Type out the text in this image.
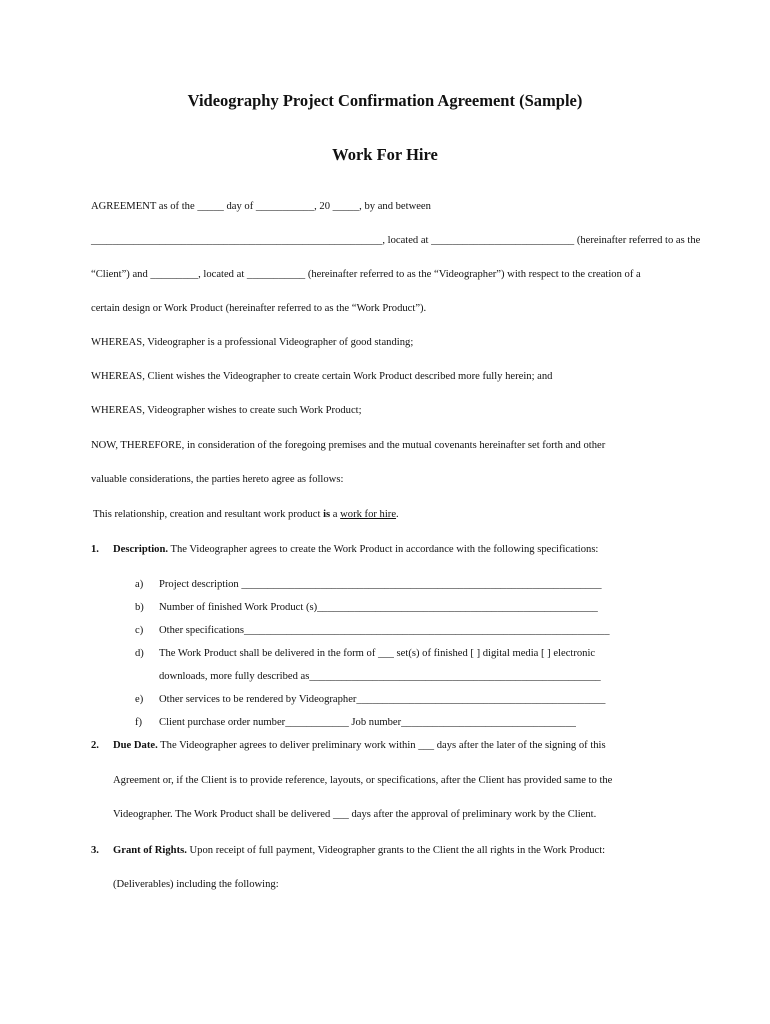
Videography Project Confirmation Agreement (Sample)
Work For Hire
AGREEMENT as of the _____ day of ___________, 20 _____, by and between
_______________________________________________________, located at ___________________________ (hereinafter referred to as the
“Client”) and _________, located at ___________ (hereinafter referred to as the “Videographer”) with respect to the creation of a
certain design or Work Product (hereinafter referred to as the “Work Product”).
WHEREAS, Videographer is a professional Videographer of good standing;
WHEREAS, Client wishes the Videographer to create certain Work Product described more fully herein; and
WHEREAS, Videographer wishes to create such Work Product;
NOW, THEREFORE, in consideration of the foregoing premises and the mutual covenants hereinafter set forth and other
valuable considerations, the parties hereto agree as follows:
This relationship, creation and resultant work product is a work for hire.
1. Description. The Videographer agrees to create the Work Product in accordance with the following specifications:
a) Project description ____________________________________________________________________
b) Number of finished Work Product (s)_____________________________________________________
c) Other specifications_____________________________________________________________________
d) The Work Product shall be delivered in the form of ___ set(s) of finished [ ] digital media [ ] electronic
downloads, more fully described as_______________________________________________________
e) Other services to be rendered by Videographer_______________________________________________
f) Client purchase order number____________ Job number_________________________________
2. Due Date. The Videographer agrees to deliver preliminary work within ___ days after the later of the signing of this
Agreement or, if the Client is to provide reference, layouts, or specifications, after the Client has provided same to the
Videographer. The Work Product shall be delivered ___ days after the approval of preliminary work by the Client.
3. Grant of Rights. Upon receipt of full payment, Videographer grants to the Client the all rights in the Work Product:
(Deliverables) including the following:
